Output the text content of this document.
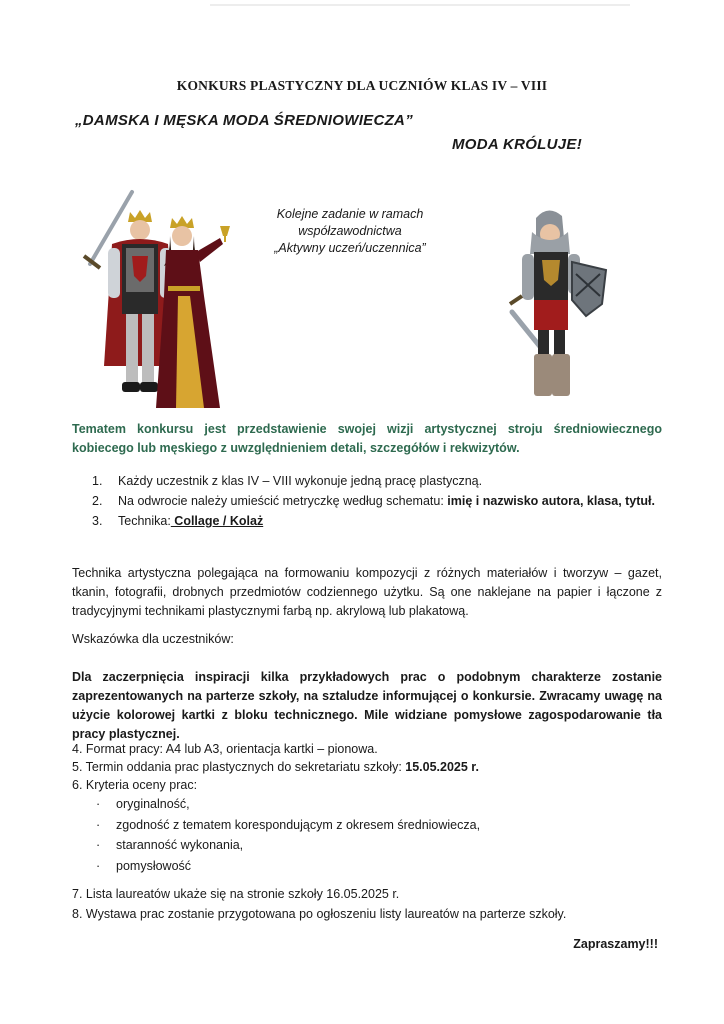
KONKURS PLASTYCZNY DLA UCZNIÓW KLAS IV – VIII
„DAMSKA I MĘSKA MODA ŚREDNIOWIECZA”
MODA KRÓLUJE!
Kolejne zadanie w ramach
współzawodnictwa
„Aktywny uczeń/uczennica”
Tematem konkursu jest przedstawienie swojej wizji artystycznej stroju średniowiecznego kobiecego lub męskiego z uwzględnieniem detali, szczegółów i rekwizytów.
1. Każdy uczestnik z klas IV – VIII wykonuje jedną pracę plastyczną.
2. Na odwrocie należy umieścić metryczkę według schematu: imię i nazwisko autora, klasa, tytuł.
3. Technika: Collage / Kolaż
Technika artystyczna polegająca na formowaniu kompozycji z różnych materiałów i tworzyw – gazet, tkanin, fotografii, drobnych przedmiotów codziennego użytku. Są one naklejane na papier i łączone z tradycyjnymi technikami plastycznymi farbą np. akrylową lub plakatową.
Wskazówka dla uczestników:
Dla zaczerpnięcia inspiracji kilka przykładowych prac o podobnym charakterze zostanie zaprezentowanych na parterze szkoły, na sztaludze informującej o konkursie. Zwracamy uwagę na użycie kolorowej kartki z bloku technicznego. Mile widziane pomysłowe zagospodarowanie tła pracy plastycznej.
4. Format pracy: A4 lub A3, orientacja kartki – pionowa.
5. Termin oddania prac plastycznych do sekretariatu szkoły: 15.05.2025 r.
6. Kryteria oceny prac:
· oryginalność,
· zgodność z tematem korespondującym z okresem średniowiecza,
· staranność wykonania,
· pomysłowość
7. Lista laureatów ukaże się na stronie szkoły 16.05.2025 r.
8. Wystawa prac zostanie przygotowana po ogłoszeniu listy laureatów na parterze szkoły.
Zapraszamy!!!
